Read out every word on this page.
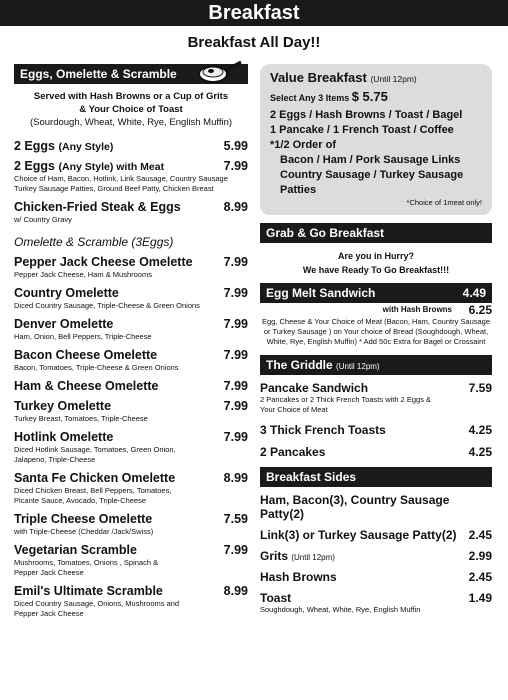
Breakfast
Breakfast All Day!!
Eggs, Omelette & Scramble
Served with Hash Browns or a Cup of Grits
& Your Choice of Toast
(Sourdough, Wheat, White, Rye, English Muffin)
2 Eggs (Any Style)	5.99
2 Eggs (Any Style) with Meat	7.99
Choice of Ham, Bacon, Hotlink, Link Sausage, Country Sausage Turkey Sausage Patties, Ground Beef Patty, Chicken Breast
Chicken-Fried Steak & Eggs	8.99
w/ Country Gravy
Omelette & Scramble (3Eggs)
Pepper Jack Cheese Omelette	7.99
Pepper Jack Cheese, Ham & Mushrooms
Country Omelette	7.99
Diced Country Sausage, Triple-Cheese & Green Onions
Denver Omelette	7.99
Ham, Onion, Bell Peppers, Triple-Cheese
Bacon Cheese Omelette	7.99
Bacon, Tomatoes, Triple-Cheese & Green Onions
Ham & Cheese Omelette	7.99
Turkey Omelette	7.99
Turkey Breast, Tomatoes, Triple-Cheese
Hotlink Omelette	7.99
Diced Hotlink Sausage, Tomatoes, Green Onion, Jalapeno, Triple-Cheese
Santa Fe Chicken Omelette	8.99
Diced Chicken Breast, Bell Peppers, Tomatoes, Picante Sauce, Avocado, Triple-Cheese
Triple Cheese Omelette	7.59
with Triple-Cheese (Cheddar /Jack/Swiss)
Vegetarian Scramble	7.99
Mushrooms, Tomatoes, Onions , Spinach & Pepper Jack Cheese
Emil's Ultimate Scramble	8.99
Diced Country Sausage, Onions, Mushrooms and Pepper Jack Cheese
Value Breakfast (Until 12pm)
Select Any 3 Items $ 5.75
2 Eggs / Hash Browns / Toast / Bagel
1 Pancake / 1 French Toast / Coffee
*1/2 Order of
Bacon / Ham / Pork Sausage Links
Country Sausage / Turkey Sausage Patties
*Choice of 1meat only!
Grab & Go Breakfast
Are you in Hurry?
We have Ready To Go Breakfast!!!
Egg Melt Sandwich	4.49
with Hash Browns 6.25
Egg, Cheese & Your Choice of Meat (Bacon, Ham, Country Sausage or Turkey Sausage ) on Your choice of Bread (Soughdough, Wheat, White, Rye, English Muffin) * Add 50c Extra for Bagel or Crossaint
The Griddle (Until 12pm)
Pancake Sandwich	7.59
2 Pancakes or 2 Thick French Toasts with 2 Eggs & Your Choice of Meat
3 Thick French Toasts	4.25
2 Pancakes	4.25
Breakfast Sides
Ham, Bacon(3), Country Sausage Patty(2)
Link(3) or Turkey Sausage Patty(2)	2.45
Grits (Until 12pm)	2.99
Hash Browns	2.45
Toast	1.49
Soughdough, Wheat, White, Rye, English Muffin
